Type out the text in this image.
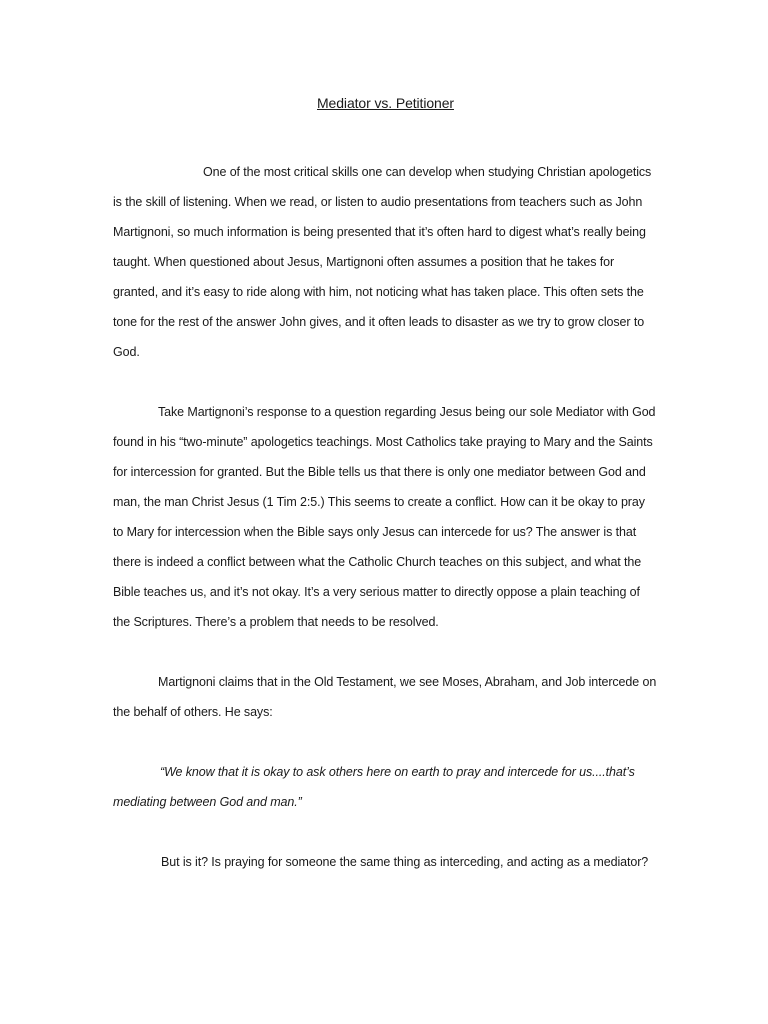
Mediator vs. Petitioner

One of the most critical skills one can develop when studying Christian apologetics is the skill of listening. When we read, or listen to audio presentations from teachers such as John Martignoni, so much information is being presented that it’s often hard to digest what’s really being taught. When questioned about Jesus, Martignoni often assumes a position that he takes for granted, and it’s easy to ride along with him, not noticing what has taken place. This often sets the tone for the rest of the answer John gives, and it often leads to disaster as we try to grow closer to God.

Take Martignoni’s response to a question regarding Jesus being our sole Mediator with God found in his “two-minute” apologetics teachings. Most Catholics take praying to Mary and the Saints for intercession for granted. But the Bible tells us that there is only one mediator between God and man, the man Christ Jesus (1 Tim 2:5.) This seems to create a conflict. How can it be okay to pray to Mary for intercession when the Bible says only Jesus can intercede for us? The answer is that there is indeed a conflict between what the Catholic Church teaches on this subject, and what the Bible teaches us, and it’s not okay. It’s a very serious matter to directly oppose a plain teaching of the Scriptures. There’s a problem that needs to be resolved.

Martignoni claims that in the Old Testament, we see Moses, Abraham, and Job intercede on the behalf of others. He says:

“We know that it is okay to ask others here on earth to pray and intercede for us....that’s mediating between God and man.”

But is it? Is praying for someone the same thing as interceding, and acting as a mediator?
